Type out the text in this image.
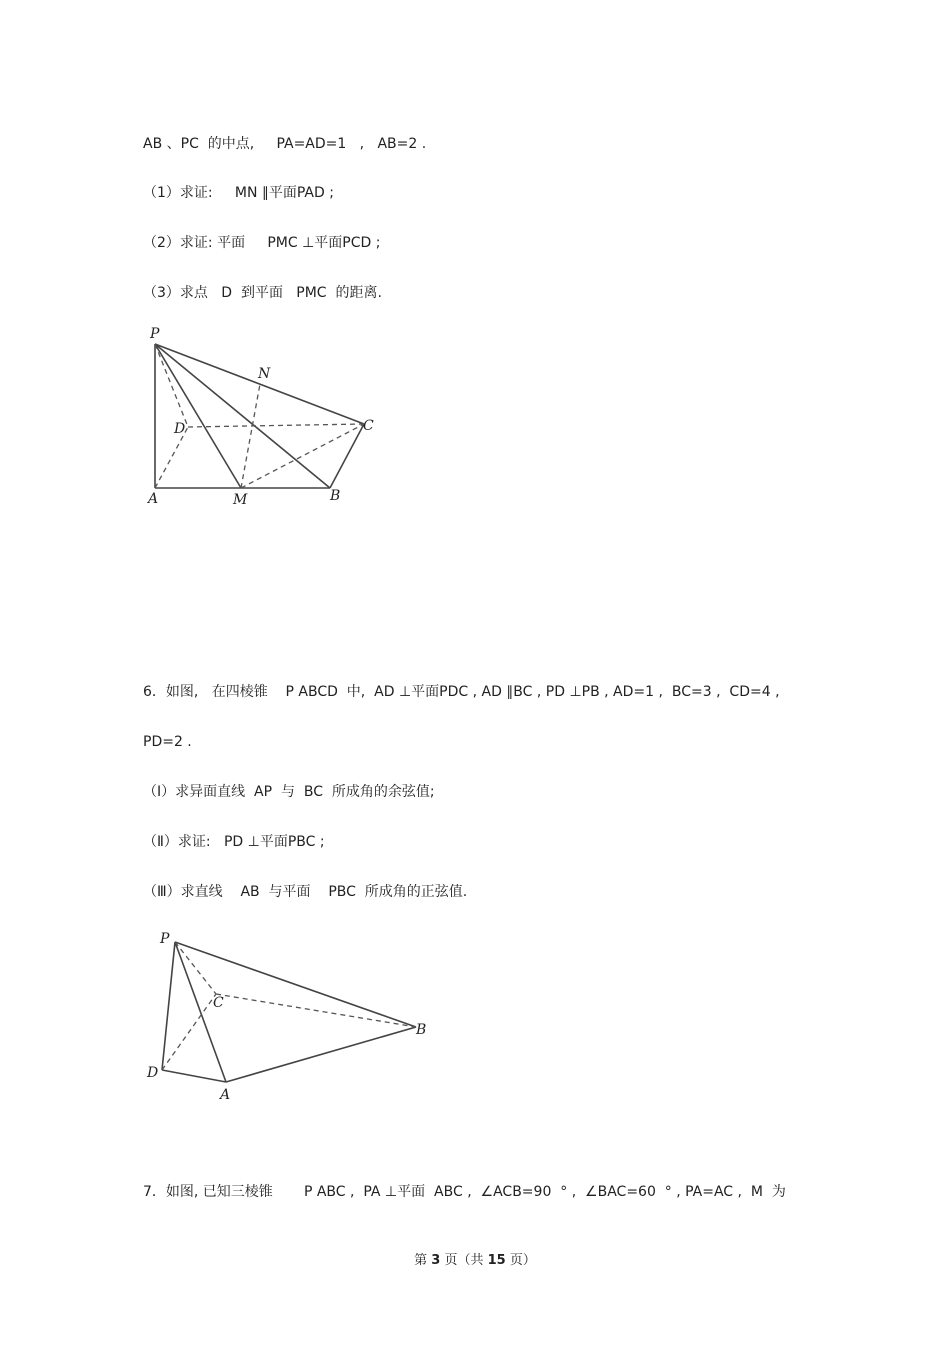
AB 、PC  的中点,     PA=AD=1   ,   AB=2 .
（1）求证:     MN ∥平面PAD ;
（2）求证: 平面     PMC ⊥平面PCD ;
（3）求点   D  到平面   PMC  的距离.
P
N
D	C
A	M	B
6．如图,   在四棱锥    P ABCD  中,  AD ⊥平面PDC , AD ∥BC , PD ⊥PB , AD=1 ,  BC=3 ,  CD=4 ,
PD=2 .
（Ⅰ）求异面直线  AP  与  BC  所成角的余弦值;
（Ⅱ）求证:   PD ⊥平面PBC ;
（Ⅲ）求直线    AB  与平面    PBC  所成角的正弦值.
P
C
B
D
A
7．如图, 已知三棱锥       P ABC ,  PA ⊥平面  ABC ,  ∠ACB=90  ° ,  ∠BAC=60  ° , PA=AC ,  M  为
第 3 页（共 15 页）
